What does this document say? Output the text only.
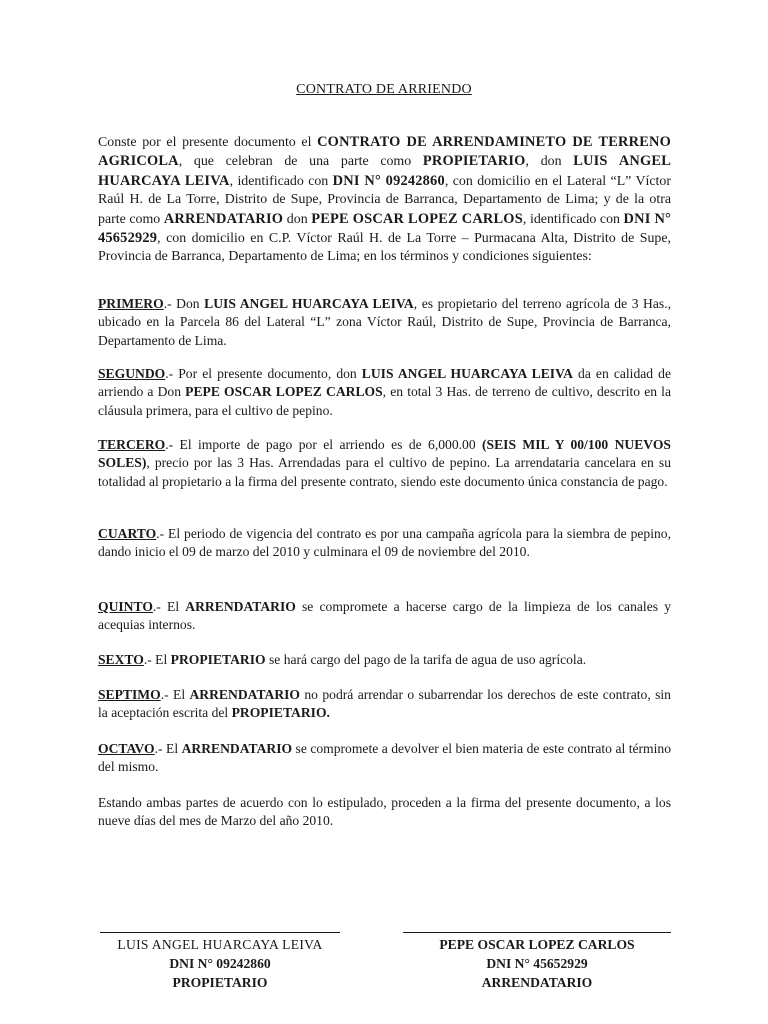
CONTRATO DE ARRIENDO

Conste por el presente documento el CONTRATO DE ARRENDAMINETO DE TERRENO AGRICOLA, que celebran de una parte como PROPIETARIO, don LUIS ANGEL HUARCAYA LEIVA, identificado con DNI N° 09242860, con domicilio en el Lateral “L” Víctor Raúl H. de La Torre, Distrito de Supe, Provincia de Barranca, Departamento de Lima; y de la otra parte como ARRENDATARIO don PEPE OSCAR LOPEZ CARLOS, identificado con DNI N° 45652929, con domicilio en C.P. Víctor Raúl H. de La Torre – Purmacana Alta, Distrito de Supe, Provincia de Barranca, Departamento de Lima; en los términos y condiciones siguientes:

PRIMERO.- Don LUIS ANGEL HUARCAYA LEIVA, es propietario del terreno agrícola de 3 Has., ubicado en la Parcela 86 del Lateral “L” zona Víctor Raúl, Distrito de Supe, Provincia de Barranca, Departamento de Lima.

SEGUNDO.- Por el presente documento, don LUIS ANGEL HUARCAYA LEIVA da en calidad de arriendo a Don PEPE OSCAR LOPEZ CARLOS, en total 3 Has. de terreno de cultivo, descrito en la cláusula primera, para el cultivo de pepino.

TERCERO.- El importe de pago por el arriendo es de 6,000.00 (SEIS MIL Y 00/100 NUEVOS SOLES), precio por las 3 Has. Arrendadas para el cultivo de pepino. La arrendataria cancelara en su totalidad al propietario a la firma del presente contrato, siendo este documento única constancia de pago.

CUARTO.- El periodo de vigencia del contrato es por una campaña agrícola para la siembra de pepino, dando inicio el 09 de marzo del 2010 y culminara el 09 de noviembre del 2010.

QUINTO.- El ARRENDATARIO se compromete a hacerse cargo de la limpieza de los canales y acequias internos.

SEXTO.- El PROPIETARIO se hará cargo del pago de la tarifa de agua de uso agrícola.

SEPTIMO.- El ARRENDATARIO no podrá arrendar o subarrendar los derechos de este contrato, sin la aceptación escrita del PROPIETARIO.

OCTAVO.- El ARRENDATARIO se compromete a devolver el bien materia de este contrato al término del mismo.

Estando ambas partes de acuerdo con lo estipulado, proceden a la firma del presente documento, a los nueve días del mes de Marzo del año 2010.

LUIS ANGEL HUARCAYA LEIVA
DNI N° 09242860
PROPIETARIO
PEPE OSCAR LOPEZ CARLOS
DNI N° 45652929
ARRENDATARIO
